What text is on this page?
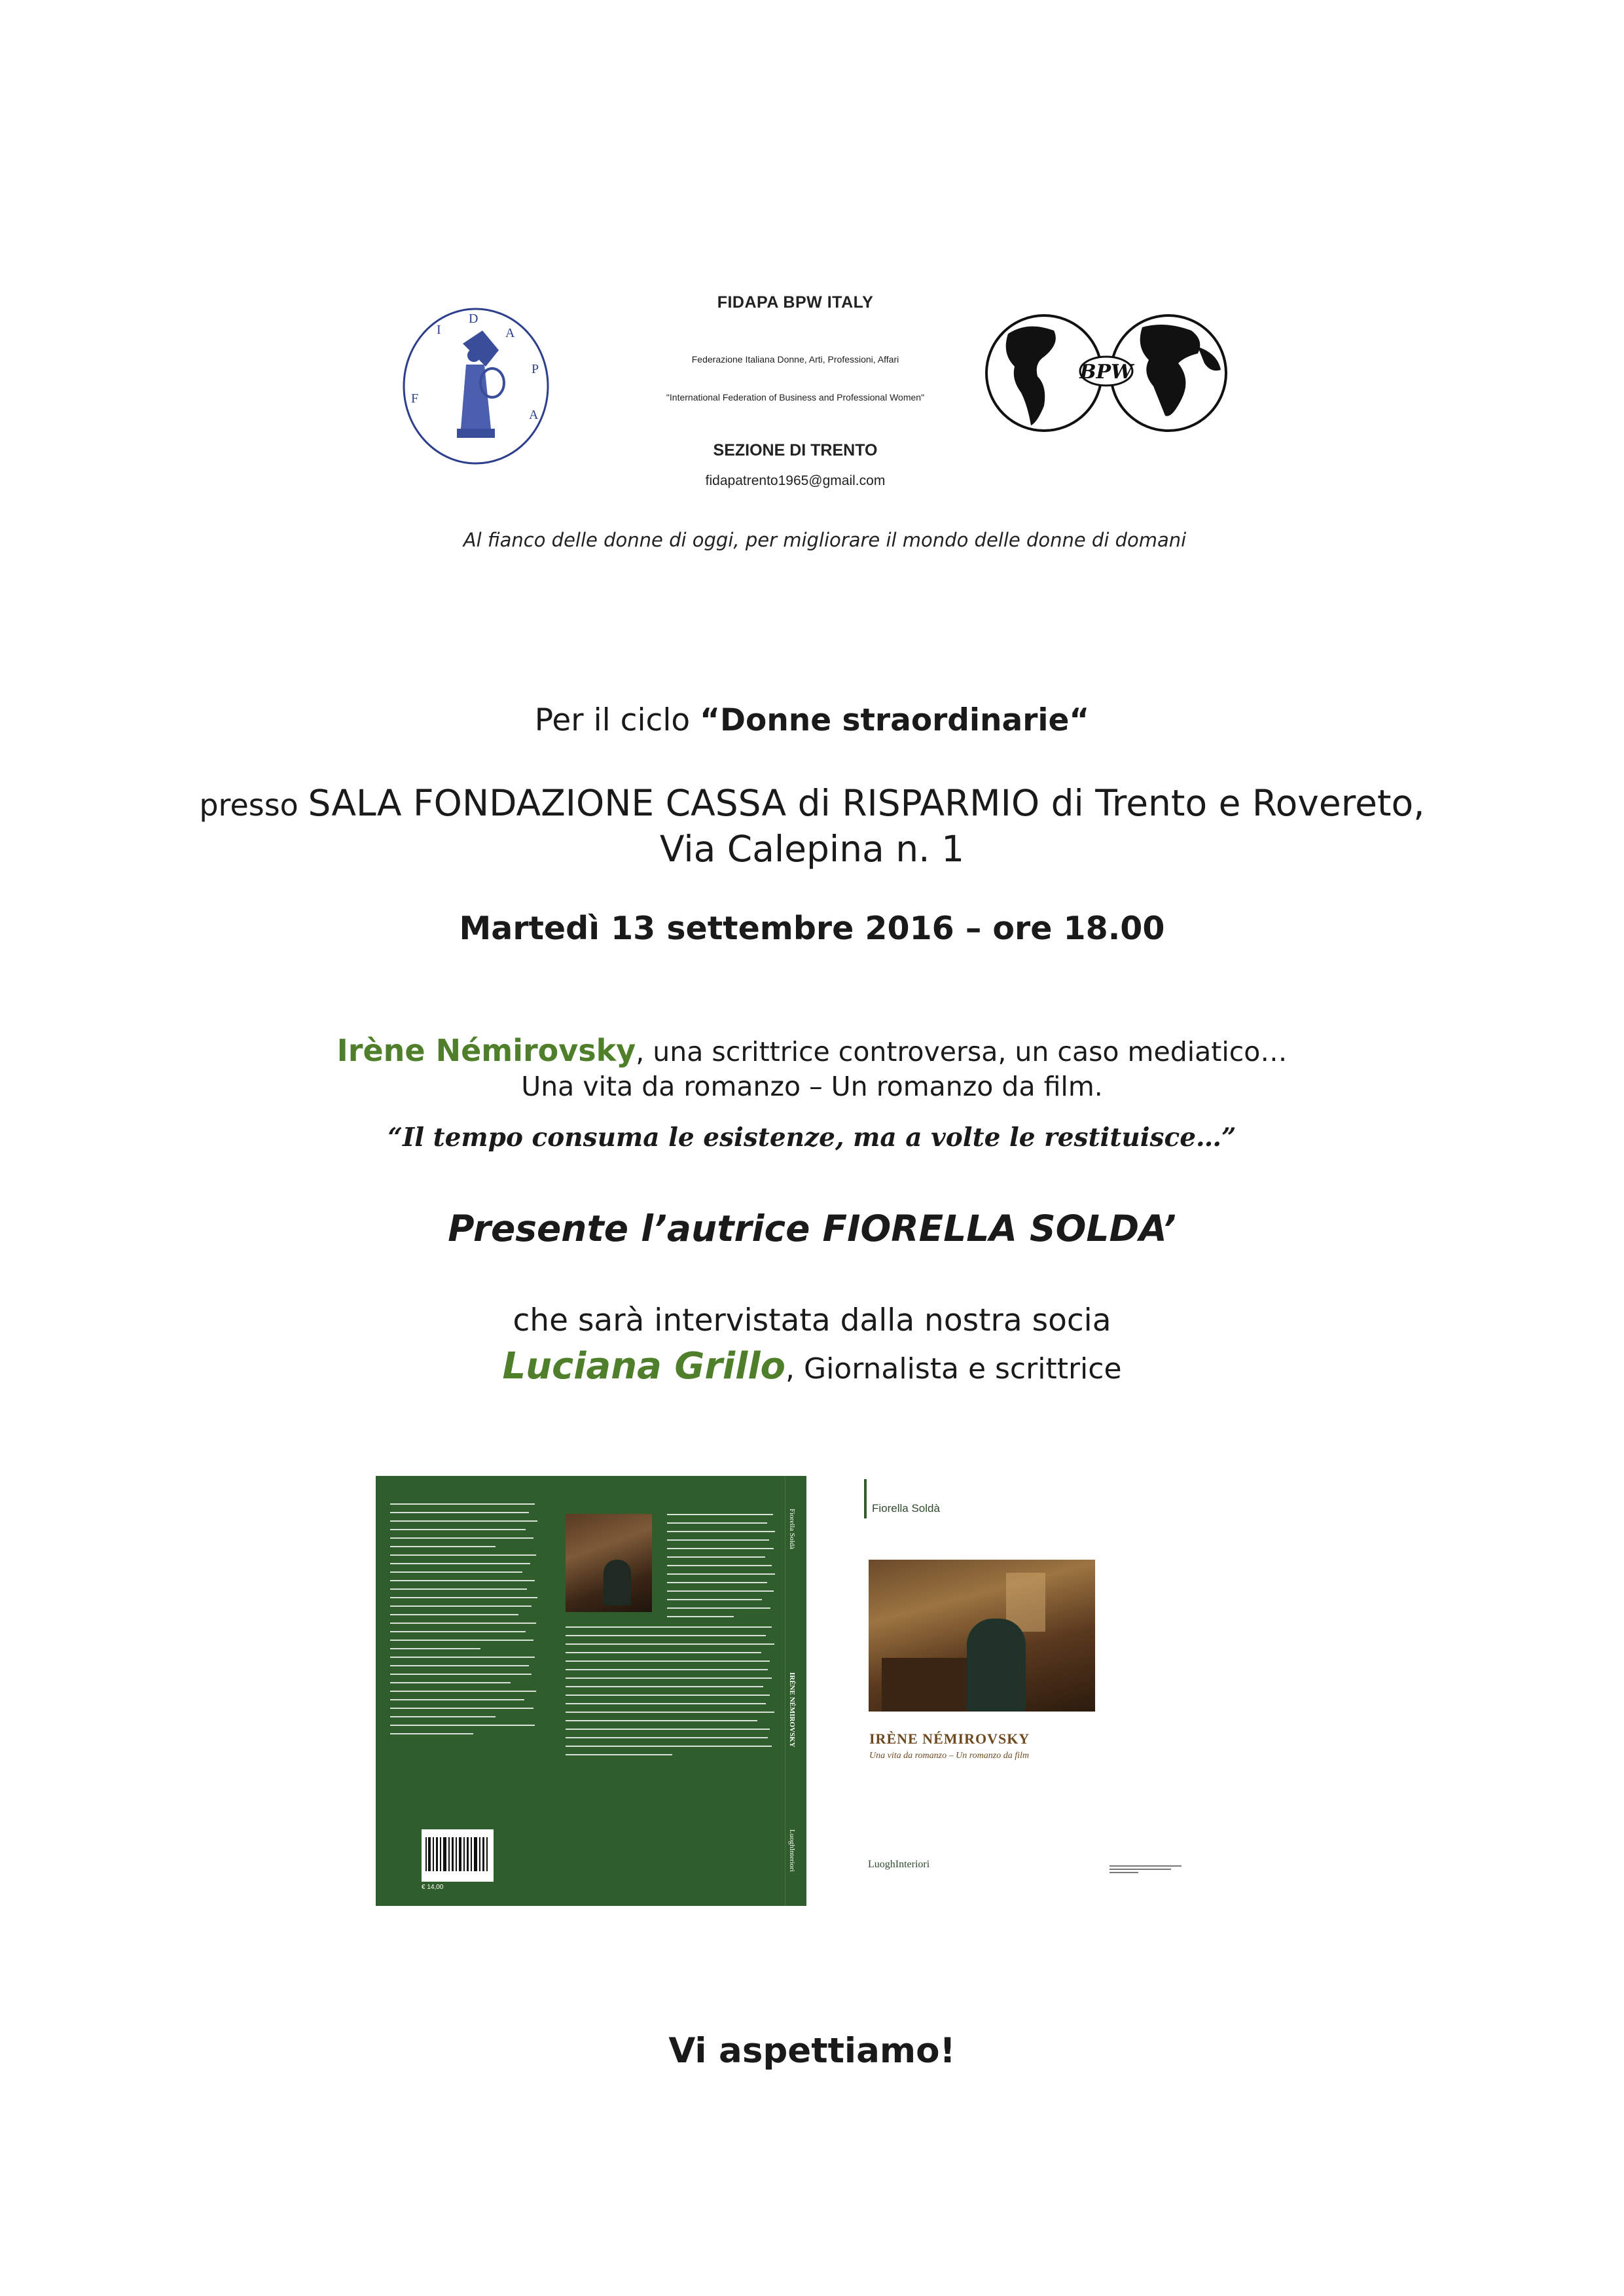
F
I
D
A
P
A
FIDAPA BPW ITALY
Federazione Italiana Donne, Arti, Professioni, Affari
"International Federation of Business and Professional Women"
SEZIONE DI TRENTO
fidapatrento1965@gmail.com
BPW
Al fianco delle donne di oggi, per migliorare il mondo delle donne di domani
Per il ciclo “Donne straordinarie“
presso SALA FONDAZIONE CASSA di RISPARMIO di Trento e Rovereto,
Via Calepina n. 1
Martedì 13 settembre 2016 – ore 18.00
Irène Némirovsky, una scrittrice controversa, un caso mediatico…
Una vita da romanzo – Un romanzo da film.
“Il tempo consuma le esistenze, ma a volte le restituisce…”
Presente l’autrice FIORELLA SOLDA’
che sarà intervistata dalla nostra socia
Luciana Grillo, Giornalista e scrittrice
€ 14,00
Fiorella Soldà
IRÈNE NÉMIROVSKY
LuoghInteriori
Fiorella Soldà
IRÈNE NÉMIROVSKY
Una vita da romanzo – Un romanzo da film
LuoghInteriori
Vi aspettiamo!
